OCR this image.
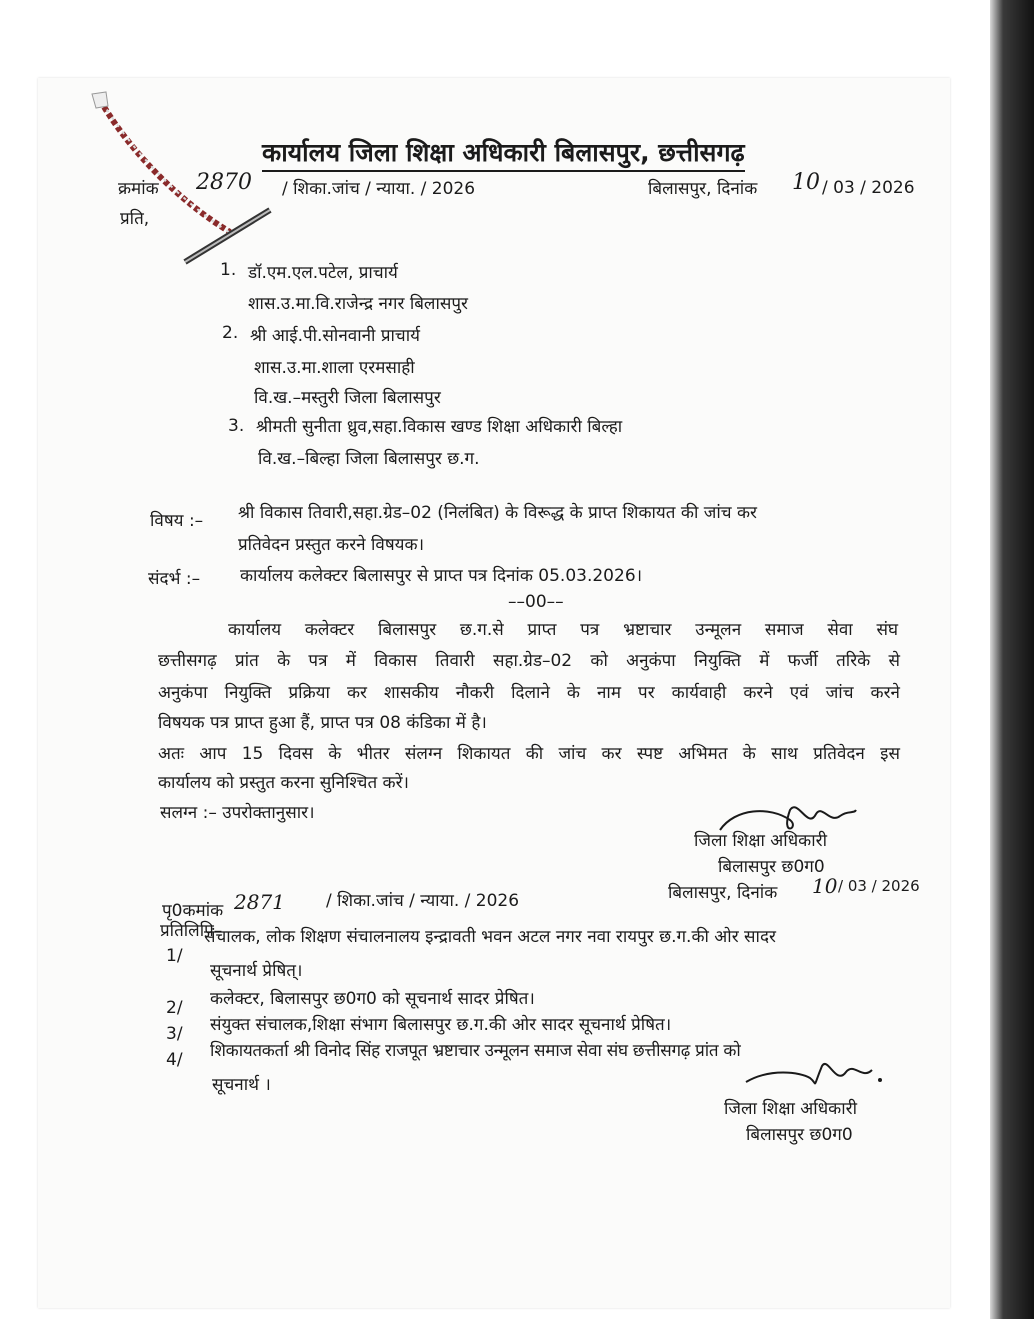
कार्यालय जिला शिक्षा अधिकारी बिलासपुर, छत्तीसगढ़
क्रमांक 2870 / शिका.जांच / न्याया. / 2026	बिलासपुर, दिनांक 10 / 03 / 2026
प्रति,
1. डॉ.एम.एल.पटेल, प्राचार्य
शास.उ.मा.वि.राजेन्द्र नगर बिलासपुर
2. श्री आई.पी.सोनवानी प्राचार्य
शास.उ.मा.शाला एरमसाही
वि.ख.–मस्तुरी जिला बिलासपुर
3. श्रीमती सुनीता ध्रुव,सहा.विकास खण्ड शिक्षा अधिकारी बिल्हा
वि.ख.–बिल्हा जिला बिलासपुर छ.ग.
विषय :– श्री विकास तिवारी,सहा.ग्रेड–02 (निलंबित) के विरूद्ध के प्राप्त शिकायत की जांच कर
प्रतिवेदन प्रस्तुत करने विषयक।
संदर्भ :– कार्यालय कलेक्टर बिलासपुर से प्राप्त पत्र दिनांक 05.03.2026।
––00––
कार्यालय कलेक्टर बिलासपुर छ.ग.से प्राप्त पत्र भ्रष्टाचार उन्मूलन समाज सेवा संघ
छत्तीसगढ़ प्रांत के पत्र में विकास तिवारी सहा.ग्रेड–02 को अनुकंपा नियुक्ति में फर्जी तरिके से
अनुकंपा नियुक्ति प्रक्रिया कर शासकीय नौकरी दिलाने के नाम पर कार्यवाही करने एवं जांच करने
विषयक पत्र प्राप्त हुआ हैं, प्राप्त पत्र 08 कंडिका में है।
अतः आप 15 दिवस के भीतर संलग्न शिकायत की जांच कर स्पष्ट अभिमत के साथ प्रतिवेदन इस
कार्यालय को प्रस्तुत करना सुनिश्चित करें।
सलग्न :– उपरोक्तानुसार।
जिला शिक्षा अधिकारी
बिलासपुर छ0ग0
बिलासपुर, दिनांक 10 / 03 / 2026
पृ0कमांक 2871 / शिका.जांच / न्याया. / 2026
प्रतिलिपि–
1/
संचालक, लोक शिक्षण संचालनालय इन्द्रावती भवन अटल नगर नवा रायपुर छ.ग.की ओर सादर
सूचनार्थ प्रेषित्।
2/ कलेक्टर, बिलासपुर छ0ग0 को सूचनार्थ सादर प्रेषित।
3/ संयुक्त संचालक,शिक्षा संभाग बिलासपुर छ.ग.की ओर सादर सूचनार्थ प्रेषित।
4/ शिकायतकर्ता श्री विनोद सिंह राजपूत भ्रष्टाचार उन्मूलन समाज सेवा संघ छत्तीसगढ़ प्रांत को
सूचनार्थ ।
जिला शिक्षा अधिकारी
बिलासपुर छ0ग0
